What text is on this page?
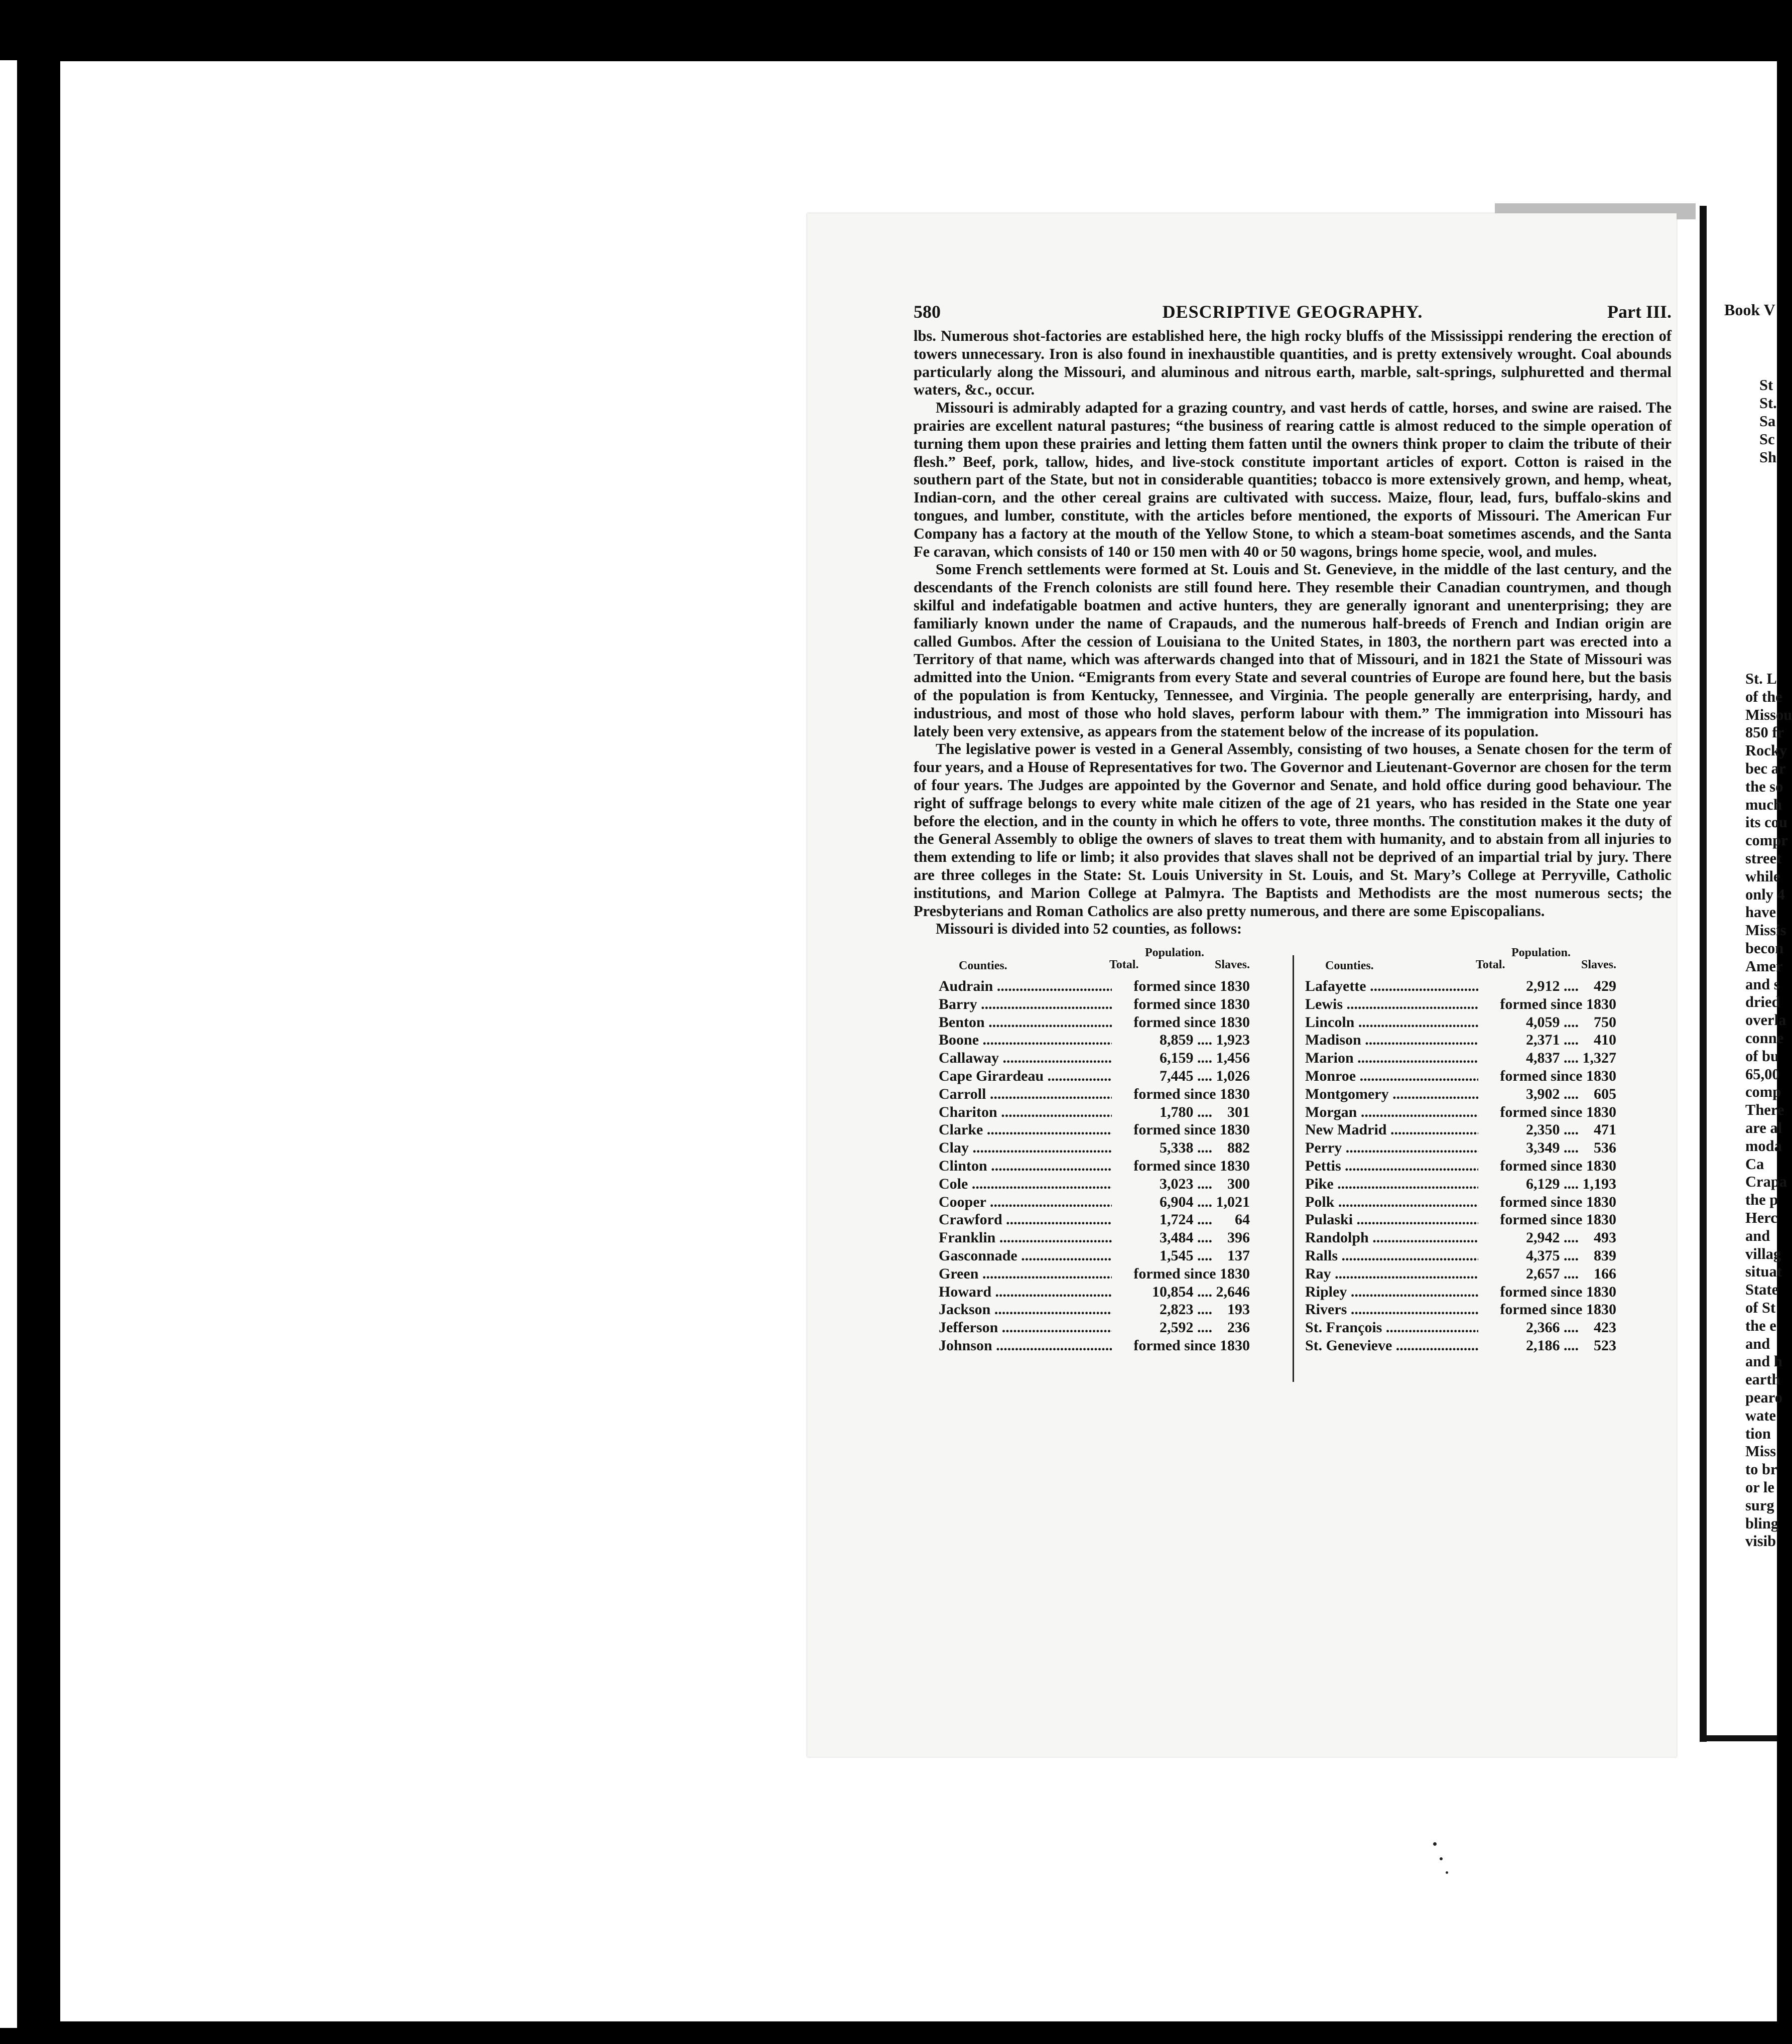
580	DESCRIPTIVE GEOGRAPHY.	Part III.

lbs. Numerous shot-factories are established here, the high rocky bluffs of the Mississippi rendering the erection of towers unnecessary. Iron is also found in inexhaustible quantities, and is pretty extensively wrought. Coal abounds particularly along the Missouri, and aluminous and nitrous earth, marble, salt-springs, sulphuretted and thermal waters, &c., occur.

Missouri is admirably adapted for a grazing country, and vast herds of cattle, horses, and swine are raised. The prairies are excellent natural pastures; “the business of rearing cattle is almost reduced to the simple operation of turning them upon these prairies and letting them fatten until the owners think proper to claim the tribute of their flesh.” Beef, pork, tallow, hides, and live-stock constitute important articles of export. Cotton is raised in the southern part of the State, but not in considerable quantities; tobacco is more extensively grown, and hemp, wheat, Indian-corn, and the other cereal grains are cultivated with success. Maize, flour, lead, furs, buffalo-skins and tongues, and lumber, constitute, with the articles before mentioned, the exports of Missouri. The American Fur Company has a factory at the mouth of the Yellow Stone, to which a steam-boat sometimes ascends, and the Santa Fe caravan, which consists of 140 or 150 men with 40 or 50 wagons, brings home specie, wool, and mules.

Some French settlements were formed at St. Louis and St. Genevieve, in the middle of the last century, and the descendants of the French colonists are still found here. They resemble their Canadian countrymen, and though skilful and indefatigable boatmen and active hunters, they are generally ignorant and unenterprising; they are familiarly known under the name of Crapauds, and the numerous half-breeds of French and Indian origin are called Gumbos. After the cession of Louisiana to the United States, in 1803, the northern part was erected into a Territory of that name, which was afterwards changed into that of Missouri, and in 1821 the State of Missouri was admitted into the Union. “Emigrants from every State and several countries of Europe are found here, but the basis of the population is from Kentucky, Tennessee, and Virginia. The people generally are enterprising, hardy, and industrious, and most of those who hold slaves, perform labour with them.” The immigration into Missouri has lately been very extensive, as appears from the statement below of the increase of its population.

The legislative power is vested in a General Assembly, consisting of two houses, a Senate chosen for the term of four years, and a House of Representatives for two. The Governor and Lieutenant-Governor are chosen for the term of four years. The Judges are appointed by the Governor and Senate, and hold office during good behaviour. The right of suffrage belongs to every white male citizen of the age of 21 years, who has resided in the State one year before the election, and in the county in which he offers to vote, three months. The constitution makes it the duty of the General Assembly to oblige the owners of slaves to treat them with humanity, and to abstain from all injuries to them extending to life or limb; it also provides that slaves shall not be deprived of an impartial trial by jury. There are three colleges in the State: St. Louis University in St. Louis, and St. Mary’s College at Perryville, Catholic institutions, and Marion College at Palmyra. The Baptists and Methodists are the most numerous sects; the Presbyterians and Roman Catholics are also pretty numerous, and there are some Episcopalians.

Missouri is divided into 52 counties, as follows:

Counties.
Population.
Total.	Slaves.
Audrain .....	formed since 1830
Barry .....	formed since 1830
Benton .....	formed since 1830
Boone .....	8,859 .... 1,923
Callaway .....	6,159 .... 1,456
Cape Girardeau .....	7,445 .... 1,026
Carroll .....	formed since 1830
Chariton .....	1,780 ....    301
Clarke .....	formed since 1830
Clay .....	5,338 ....    882
Clinton .....	formed since 1830
Cole .....	3,023 ....    300
Cooper .....	6,904 .... 1,021
Crawford .....	1,724 ....      64
Franklin .....	3,484 ....    396
Gasconnade .....	1,545 ....    137
Green .....	formed since 1830
Howard .....	10,854 .... 2,646
Jackson .....	2,823 ....    193
Jefferson .....	2,592 ....    236
Johnson .....	formed since 1830
Counties.
Population.
Total.	Slaves.
Lafayette .....	2,912 ....    429
Lewis .....	formed since 1830
Lincoln .....	4,059 ....    750
Madison .....	2,371 ....    410
Marion .....	4,837 .... 1,327
Monroe .....	formed since 1830
Montgomery .....	3,902 ....    605
Morgan .....	formed since 1830
New Madrid .....	2,350 ....    471
Perry .....	3,349 ....    536
Pettis .....	formed since 1830
Pike .....	6,129 .... 1,193
Polk .....	formed since 1830
Pulaski .....	formed since 1830
Randolph .....	2,942 ....    493
Ralls .....	4,375 ....    839
Ray .....	2,657 ....    166
Ripley .....	formed since 1830
Rivers .....	formed since 1830
St. François .....	2,366 ....    423
St. Genevieve .....	2,186 ....    523
Book V
St
St.
Sa
Sc
Sh
St. L
of the
Missou
850 fr
Rocky
bec ar
the so
much
its cou
compr
street
while
only 4
have
Missis
becon
Amer
and s
dried
overla
conne
of bu
65,00
comp
There
are al
moda
Ca
Crapa
the p
Herc
and
villag
situat
State
of St
the e
and
and h
earth
pearo
wate
tion
Miss
to br
or le
surg
bling
visib
